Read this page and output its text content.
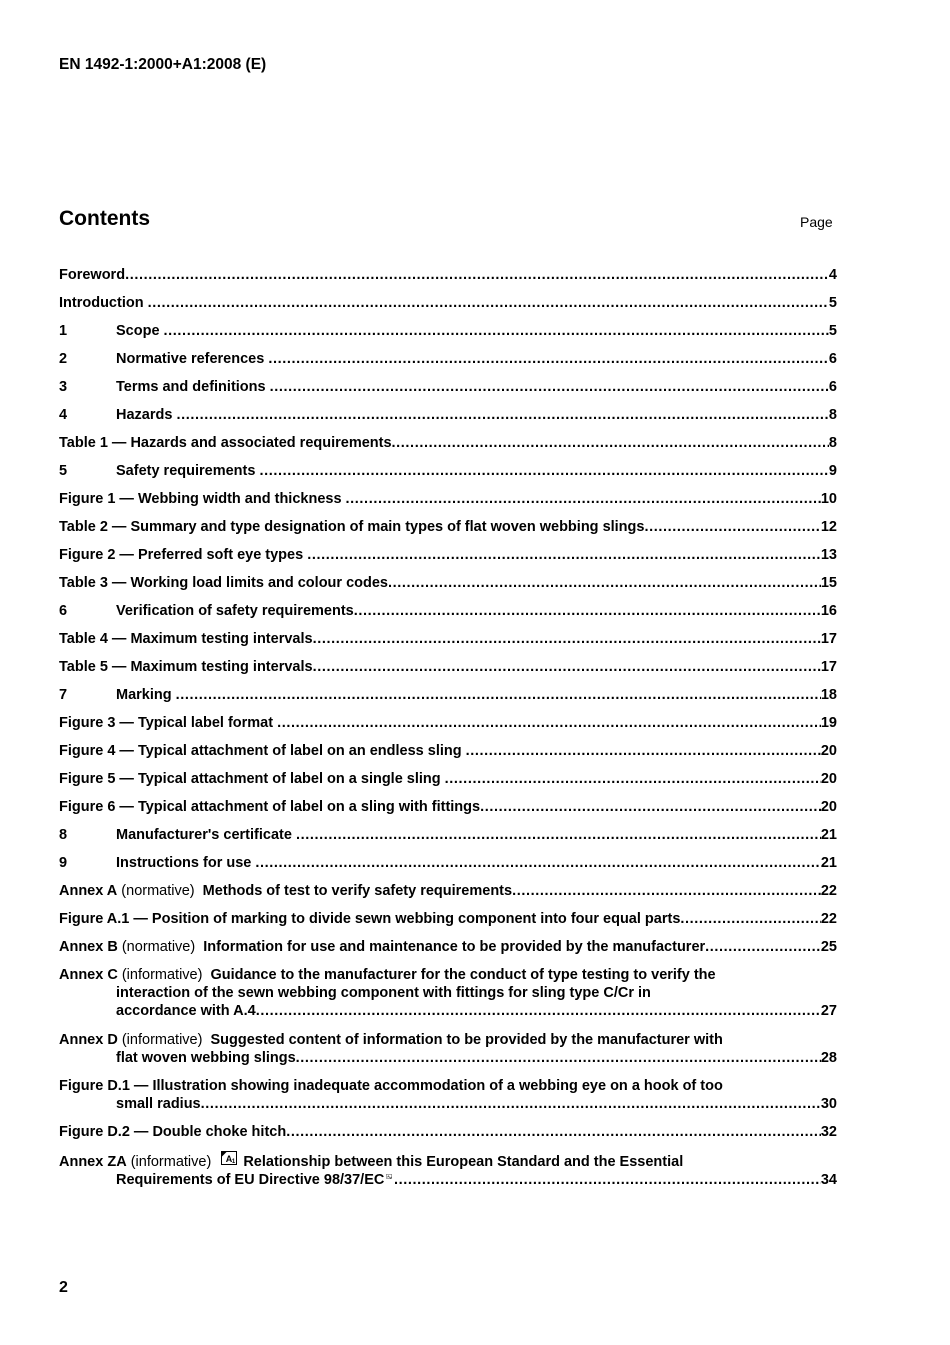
EN 1492-1:2000+A1:2008 (E)
Contents	Page
Foreword .....	4
Introduction .....	5
1	Scope .....	5
2	Normative references .....	6
3	Terms and definitions .....	6
4	Hazards .....	8
Table 1 — Hazards and associated requirements .....	8
5	Safety requirements .....	9
Figure 1 — Webbing width and thickness .....	10
Table 2 — Summary and type designation of main types of flat woven webbing slings .....	12
Figure 2 — Preferred soft eye types .....	13
Table 3 — Working load limits and colour codes .....	15
6	Verification of safety requirements .....	16
Table 4 — Maximum testing intervals .....	17
Table 5 — Maximum testing intervals .....	17
7	Marking .....	18
Figure 3 — Typical label format .....	19
Figure 4 — Typical attachment of label on an endless sling .....	20
Figure 5 — Typical attachment of label on a single sling .....	20
Figure 6 — Typical attachment of label on a sling with fittings .....	20
8	Manufacturer's certificate .....	21
9	Instructions for use .....	21
Annex A (normative) Methods of test to verify safety requirements .....	22
Figure A.1 — Position of marking to divide sewn webbing component into four equal parts .....	22
Annex B (normative) Information for use and maintenance to be provided by the manufacturer .....	25
Annex C (informative) Guidance to the manufacturer for the conduct of type testing to verify the
interaction of the sewn webbing component with fittings for sling type C/Cr in
accordance with A.4 .....	27
Annex D (informative) Suggested content of information to be provided by the manufacturer with
flat woven webbing slings .....	28
Figure D.1 — Illustration showing inadequate accommodation of a webbing eye on a hook of too
small radius .....	30
Figure D.2 — Double choke hitch .....	32
Annex ZA (informative) A 1 Relationship between this European Standard and the Essential
Requirements of EU Directive 98/37/EC A 1 .....	34
2
